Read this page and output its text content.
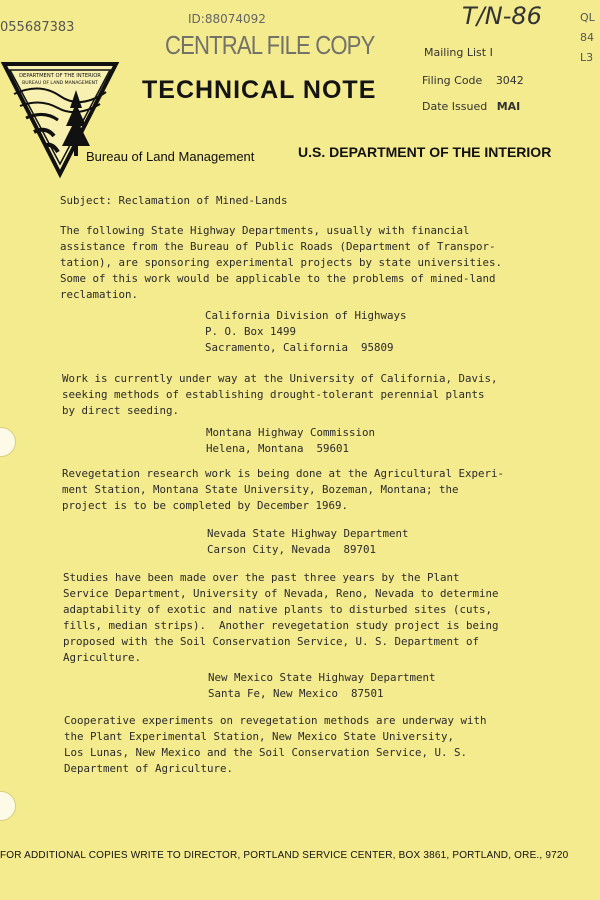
055687383	T/N-86
ID:88074092	QL 84 L3
CENTRAL FILE COPY
DEPARTMENT OF THE INTERIOR
BUREAU OF LAND MANAGEMENT TECHNICAL NOTE
Mailing List I
Filing Code 3042
Date Issued MAI
Bureau of Land Management	U.S. DEPARTMENT OF THE INTERIOR
Subject: Reclamation of Mined-Lands
The following State Highway Departments, usually with financial
assistance from the Bureau of Public Roads (Department of Transpor-
tation), are sponsoring experimental projects by state universities.
Some of this work would be applicable to the problems of mined-land
reclamation.
California Division of Highways
P. O. Box 1499
Sacramento, California  95809
Work is currently under way at the University of California, Davis,
seeking methods of establishing drought-tolerant perennial plants
by direct seeding.
Montana Highway Commission
Helena, Montana  59601
Revegetation research work is being done at the Agricultural Experi-
ment Station, Montana State University, Bozeman, Montana; the
project is to be completed by December 1969.
Nevada State Highway Department
Carson City, Nevada  89701
Studies have been made over the past three years by the Plant
Service Department, University of Nevada, Reno, Nevada to determine
adaptability of exotic and native plants to disturbed sites (cuts,
fills, median strips).  Another revegetation study project is being
proposed with the Soil Conservation Service, U. S. Department of
Agriculture.
New Mexico State Highway Department
Santa Fe, New Mexico  87501
Cooperative experiments on revegetation methods are underway with
the Plant Experimental Station, New Mexico State University,
Los Lunas, New Mexico and the Soil Conservation Service, U. S.
Department of Agriculture.
FOR ADDITIONAL COPIES WRITE TO DIRECTOR, PORTLAND SERVICE CENTER, BOX 3861, PORTLAND, ORE., 9720
